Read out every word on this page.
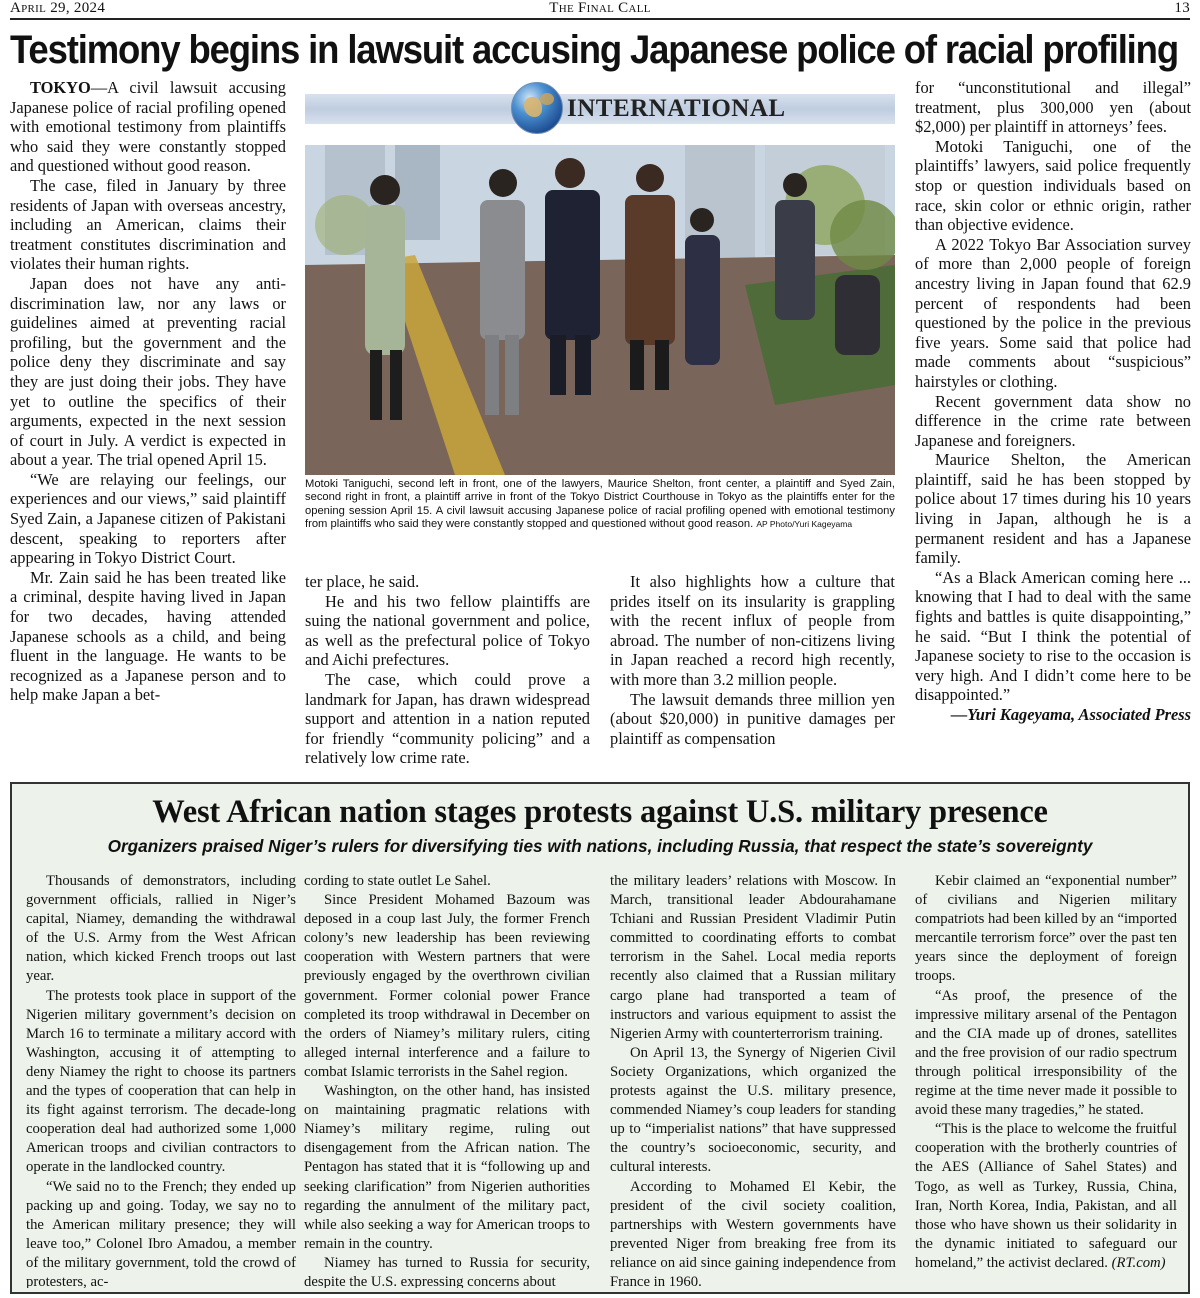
April 29, 2024	The Final Call	13
Testimony begins in lawsuit accusing Japanese police of racial profiling

TOKYO—A civil lawsuit accusing Japanese police of racial profiling opened with emotional testimony from plaintiffs who said they were constantly stopped and questioned without good reason.

The case, filed in January by three residents of Japan with overseas ancestry, including an American, claims their treatment constitutes discrimination and violates their human rights.

Japan does not have any anti-discrimination law, nor any laws or guidelines aimed at preventing racial profiling, but the government and the police deny they discriminate and say they are just doing their jobs. They have yet to outline the specifics of their arguments, expected in the next session of court in July. A verdict is expected in about a year. The trial opened April 15.

“We are relaying our feelings, our experiences and our views,” said plaintiff Syed Zain, a Japanese citizen of Pakistani descent, speaking to reporters after appearing in Tokyo District Court.

Mr. Zain said he has been treated like a criminal, despite having lived in Japan for two decades, having attended Japanese schools as a child, and being fluent in the language. He wants to be recognized as a Japanese person and to help make Japan a bet-

INTERNATIONAL
Motoki Taniguchi, second left in front, one of the lawyers, Maurice Shelton, front center, a plaintiff and Syed Zain, second right in front, a plaintiff arrive in front of the Tokyo District Courthouse in Tokyo as the plaintiffs enter for the opening session April 15. A civil lawsuit accusing Japanese police of racial profiling opened with emotional testimony from plaintiffs who said they were constantly stopped and questioned without good reason. AP Photo/Yuri Kageyama

ter place, he said.

He and his two fellow plaintiffs are suing the national government and police, as well as the prefectural police of Tokyo and Aichi prefectures.

The case, which could prove a landmark for Japan, has drawn widespread support and attention in a nation reputed for friendly “community policing” and a relatively low crime rate.

It also highlights how a culture that prides itself on its insularity is grappling with the recent influx of people from abroad. The number of non-citizens living in Japan reached a record high recently, with more than 3.2 million people.

The lawsuit demands three million yen (about $20,000) in punitive damages per plaintiff as compensation

for “unconstitutional and illegal” treatment, plus 300,000 yen (about $2,000) per plaintiff in attorneys’ fees.

Motoki Taniguchi, one of the plaintiffs’ lawyers, said police frequently stop or question individuals based on race, skin color or ethnic origin, rather than objective evidence.

A 2022 Tokyo Bar Association survey of more than 2,000 people of foreign ancestry living in Japan found that 62.9 percent of respondents had been questioned by the police in the previous five years. Some said that police had made comments about “suspicious” hairstyles or clothing.

Recent government data show no difference in the crime rate between Japanese and foreigners.

Maurice Shelton, the American plaintiff, said he has been stopped by police about 17 times during his 10 years living in Japan, although he is a permanent resident and has a Japanese family.

“As a Black American coming here ... knowing that I had to deal with the same fights and battles is quite disappointing,” he said. “But I think the potential of Japanese society to rise to the occasion is very high. And I didn’t come here to be disappointed.”

—Yuri Kageyama, Associated Press

West African nation stages protests against U.S. military presence
Organizers praised Niger’s rulers for diversifying ties with nations, including Russia, that respect the state’s sovereignty

Thousands of demonstrators, including government officials, rallied in Niger’s capital, Niamey, demanding the withdrawal of the U.S. Army from the West African nation, which kicked French troops out last year.

The protests took place in support of the Nigerien military government’s decision on March 16 to terminate a military accord with Washington, accusing it of attempting to deny Niamey the right to choose its partners and the types of cooperation that can help in its fight against terrorism. The decade-long cooperation deal had authorized some 1,000 American troops and civilian contractors to operate in the landlocked country.

“We said no to the French; they ended up packing up and going. Today, we say no to the American military presence; they will leave too,” Colonel Ibro Amadou, a member of the military government, told the crowd of protesters, ac-

cording to state outlet Le Sahel.

Since President Mohamed Bazoum was deposed in a coup last July, the former French colony’s new leadership has been reviewing cooperation with Western partners that were previously engaged by the overthrown civilian government. Former colonial power France completed its troop withdrawal in December on the orders of Niamey’s military rulers, citing alleged internal interference and a failure to combat Islamic terrorists in the Sahel region.

Washington, on the other hand, has insisted on maintaining pragmatic relations with Niamey’s military regime, ruling out disengagement from the African nation. The Pentagon has stated that it is “following up and seeking clarification” from Nigerien authorities regarding the annulment of the military pact, while also seeking a way for American troops to remain in the country.

Niamey has turned to Russia for security, despite the U.S. expressing concerns about

the military leaders’ relations with Moscow. In March, transitional leader Abdourahamane Tchiani and Russian President Vladimir Putin committed to coordinating efforts to combat terrorism in the Sahel. Local media reports recently also claimed that a Russian military cargo plane had transported a team of instructors and various equipment to assist the Nigerien Army with counterterrorism training.

On April 13, the Synergy of Nigerien Civil Society Organizations, which organized the protests against the U.S. military presence, commended Niamey’s coup leaders for standing up to “imperialist nations” that have suppressed the country’s socioeconomic, security, and cultural interests.

According to Mohamed El Kebir, the president of the civil society coalition, partnerships with Western governments have prevented Niger from breaking free from its reliance on aid since gaining independence from France in 1960.

Kebir claimed an “exponential number” of civilians and Nigerien military compatriots had been killed by an “imported mercantile terrorism force” over the past ten years since the deployment of foreign troops.

“As proof, the presence of the impressive military arsenal of the Pentagon and the CIA made up of drones, satellites and the free provision of our radio spectrum through political irresponsibility of the regime at the time never made it possible to avoid these many tragedies,” he stated.

“This is the place to welcome the fruitful cooperation with the brotherly countries of the AES (Alliance of Sahel States) and Togo, as well as Turkey, Russia, China, Iran, North Korea, India, Pakistan, and all those who have shown us their solidarity in the dynamic initiated to safeguard our homeland,” the activist declared. (RT.com)
